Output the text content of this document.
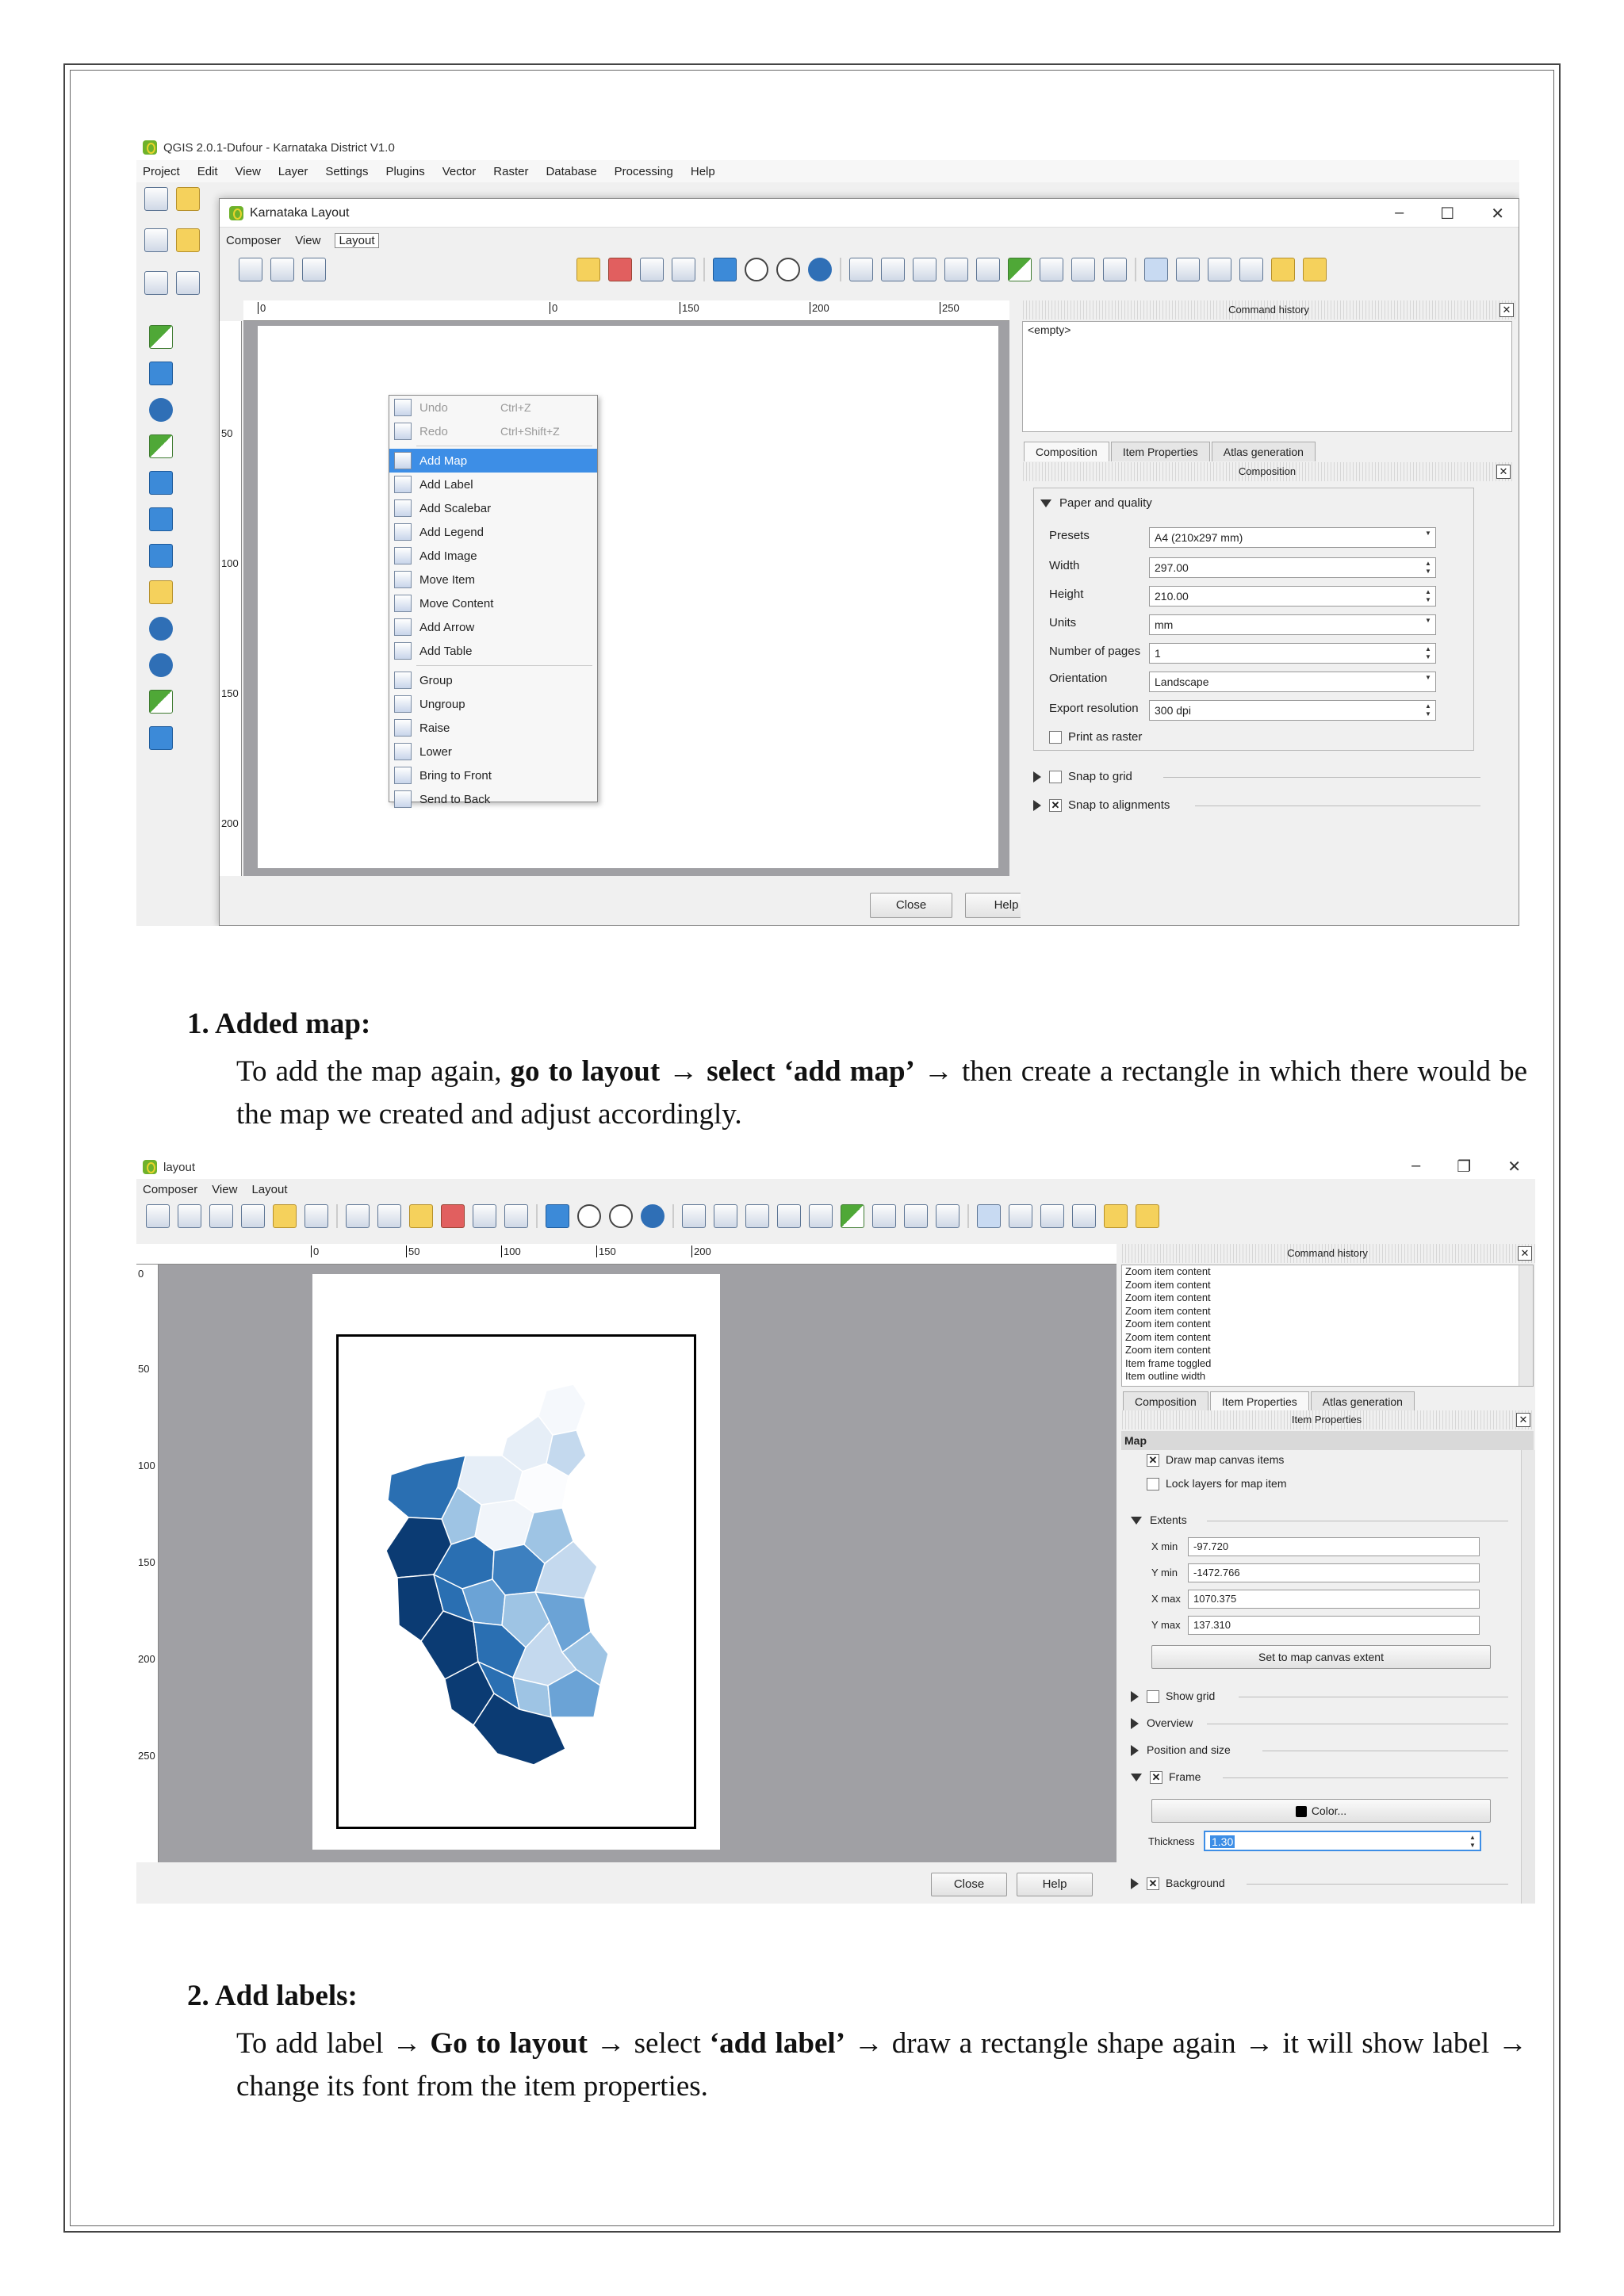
QGIS 2.0.1-Dufour - Karnataka District V1.0
Project Edit View Layer Settings Plugins Vector Raster Database Processing Help
Karnataka Layout	– ☐ ✕
Composer View	Layout
0	0	150	200	250
50
100
150
200
Close	Help
Command history	✕
<empty>
Composition	Item Properties	Atlas generation
Composition	✕
Paper and quality
Presets	A4 (210x297 mm)	▼
Width	297.00	▲
▼
Height	210.00	▲
▼
Units	mm	▼
Number of pages	1	▲
▼
Orientation	Landscape	▼
Export resolution	300 dpi	▲
▼
Print as raster
Snap to grid
✕ Snap to alignments
Undo	Ctrl+Z
Redo	Ctrl+Shift+Z
Add Map
Add Label
Add Scalebar
Add Legend
Add Image
Move Item
Move Content
Add Arrow
Add Table
Group
Ungroup
Raise
Lower
Bring to Front
Send to Back
1. Added map:
To add the map again, go to layout → select ‘add map’ → then create a rectangle in which there would be the map we created and adjust accordingly.
layout	– ❐ ✕
Composer View Layout
0	50	100	150	200
0
50
100
150
200
250
Close	Help
Command history	✕
Zoom item content
Zoom item content
Zoom item content
Zoom item content
Zoom item content
Zoom item content
Zoom item content
Item frame toggled
Item outline width
Composition	Item Properties	Atlas generation
Item Properties	✕
Map
✕ Draw map canvas items
Lock layers for map item
Extents
X min	-97.720
Y min	-1472.766
X max	1070.375
Y max	137.310
Set to map canvas extent
Show grid
Overview
Position and size
✕ Frame
Color...
Thickness	1.30	▲
▼
✕ Background
2. Add labels:
To add label → Go to layout → select ‘add label’ → draw a rectangle shape again → it will show label → change its font from the item properties.
